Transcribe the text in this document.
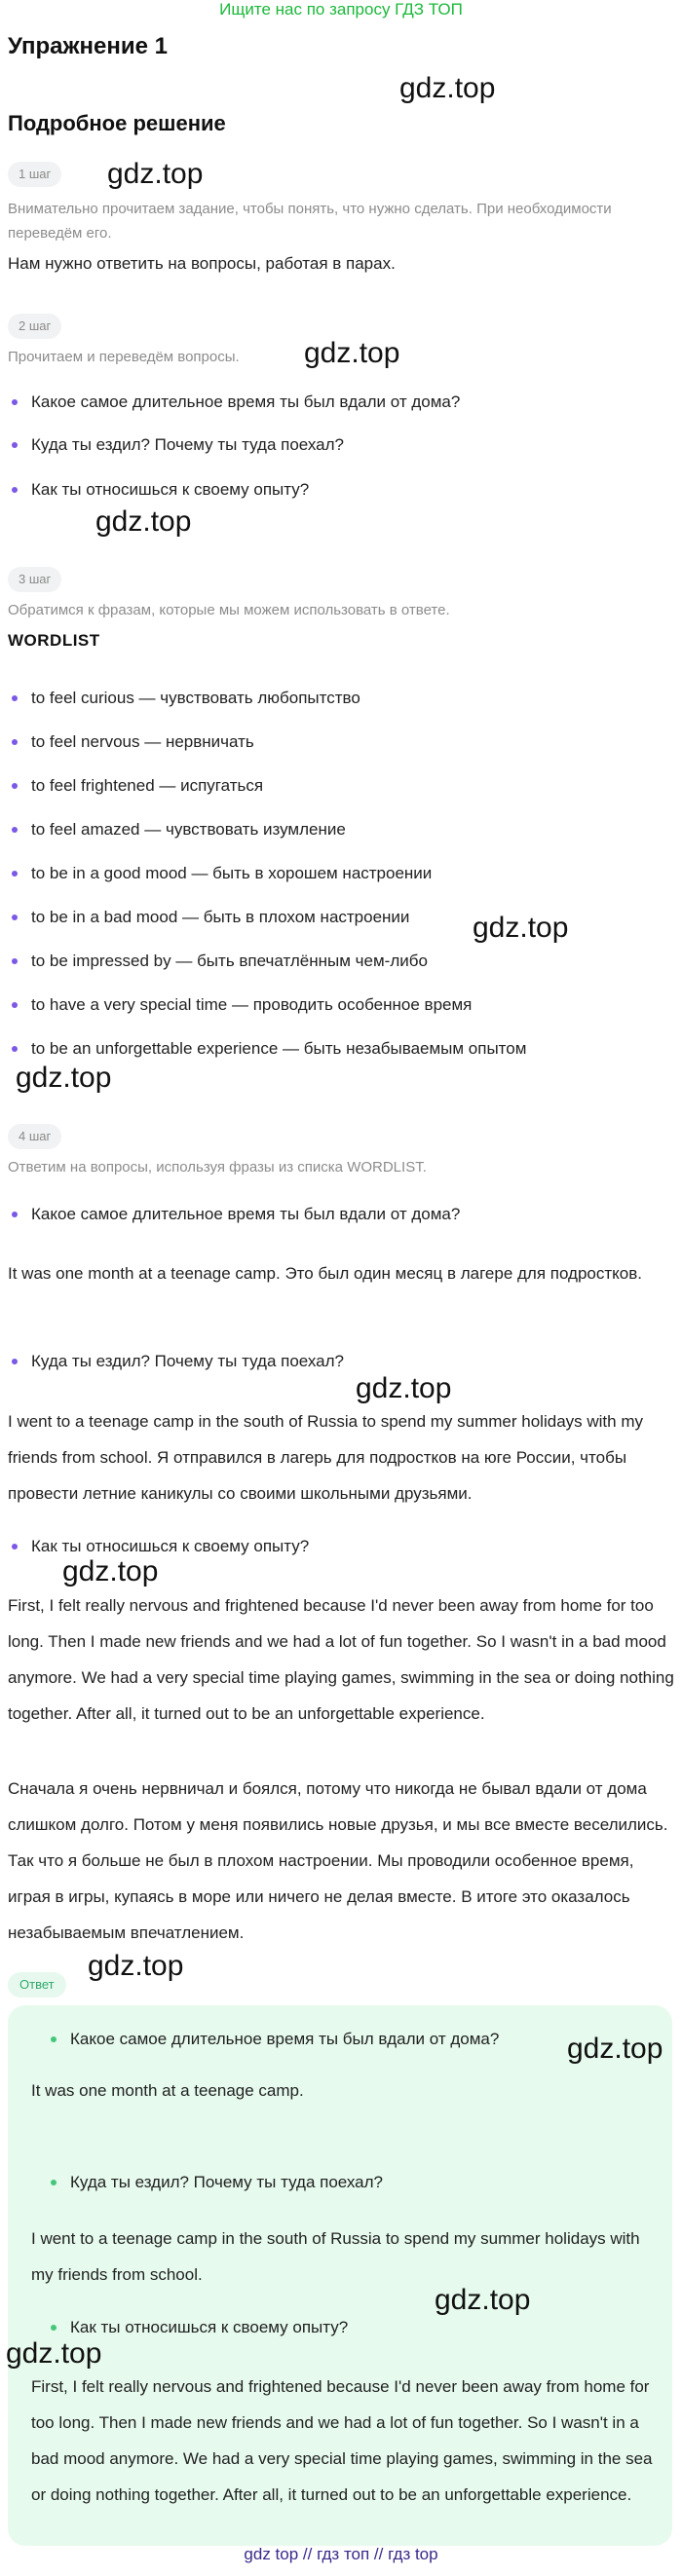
Ищите нас по запросу ГДЗ ТОП
Упражнение 1
Подробное решение
1 шаг
Внимательно прочитаем задание, чтобы понять, что нужно сделать. При необходимости переведём его.
Нам нужно ответить на вопросы, работая в парах.
2 шаг
Прочитаем и переведём вопросы.
Какое самое длительное время ты был вдали от дома?
Куда ты ездил? Почему ты туда поехал?
Как ты относишься к своему опыту?
3 шаг
Обратимся к фразам, которые мы можем использовать в ответе.
WORDLIST
to feel curious — чувствовать любопытство
to feel nervous — нервничать
to feel frightened — испугаться
to feel amazed — чувствовать изумление
to be in a good mood — быть в хорошем настроении
to be in a bad mood — быть в плохом настроении
to be impressed by — быть впечатлённым чем-либо
to have a very special time — проводить особенное время
to be an unforgettable experience — быть незабываемым опытом
4 шаг
Ответим на вопросы, используя фразы из списка WORDLIST.
Какое самое длительное время ты был вдали от дома?
It was one month at a teenage camp. Это был один месяц в лагере для подростков.
Куда ты ездил? Почему ты туда поехал?
I went to a teenage camp in the south of Russia to spend my summer holidays with my friends from school. Я отправился в лагерь для подростков на юге России, чтобы провести летние каникулы со своими школьными друзьями.
Как ты относишься к своему опыту?
First, I felt really nervous and frightened because I'd never been away from home for too long. Then I made new friends and we had a lot of fun together. So I wasn't in a bad mood anymore. We had a very special time playing games, swimming in the sea or doing nothing together. After all, it turned out to be an unforgettable experience.
Сначала я очень нервничал и боялся, потому что никогда не бывал вдали от дома слишком долго. Потом у меня появились новые друзья, и мы все вместе веселились. Так что я больше не был в плохом настроении. Мы проводили особенное время, играя в игры, купаясь в море или ничего не делая вместе. В итоге это оказалось незабываемым впечатлением.
Ответ
Какое самое длительное время ты был вдали от дома?
It was one month at a teenage camp.
Куда ты ездил? Почему ты туда поехал?
I went to a teenage camp in the south of Russia to spend my summer holidays with my friends from school.
Как ты относишься к своему опыту?
First, I felt really nervous and frightened because I'd never been away from home for too long. Then I made new friends and we had a lot of fun together. So I wasn't in a bad mood anymore. We had a very special time playing games, swimming in the sea or doing nothing together. After all, it turned out to be an unforgettable experience.
gdz.top
gdz.top
gdz.top
gdz.top
gdz.top
gdz.top
gdz.top
gdz.top
gdz.top
gdz.top
gdz.top
gdz.top
gdz top // гдз топ // гдз top
